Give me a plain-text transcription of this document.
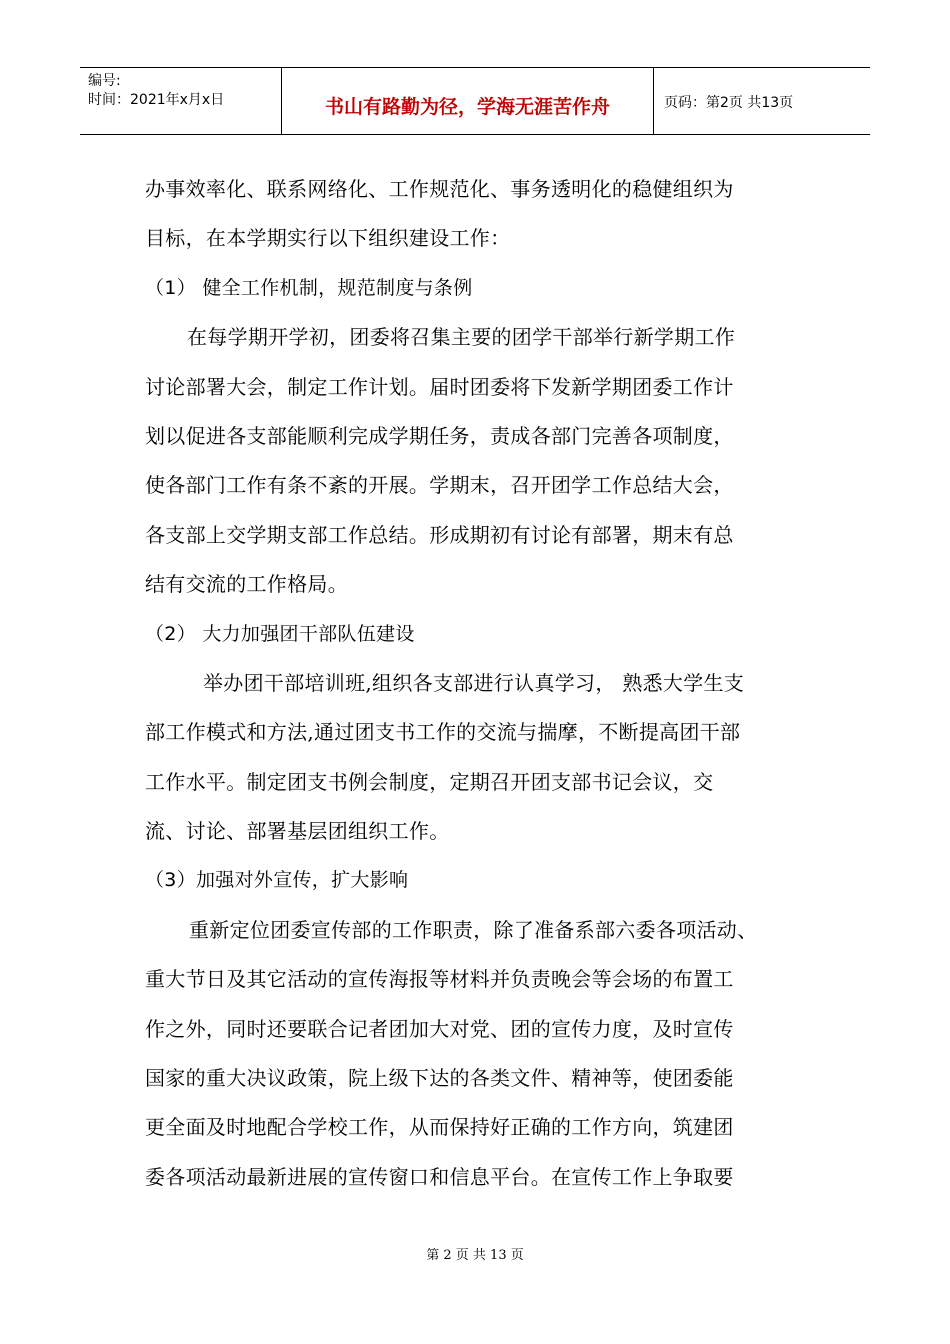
编号:
时间：2021年x月x日	书山有路勤为径，学海无涯苦作舟	页码：第2页 共13页
办事效率化、联系网络化、工作规范化、事务透明化的稳健组织为
目标，在本学期实行以下组织建设工作：
（1） 健全工作机制，规范制度与条例
在每学期开学初，团委将召集主要的团学干部举行新学期工作
讨论部署大会，制定工作计划。届时团委将下发新学期团委工作计
划以促进各支部能顺利完成学期任务，责成各部门完善各项制度，
使各部门工作有条不紊的开展。学期末，召开团学工作总结大会，
各支部上交学期支部工作总结。形成期初有讨论有部署，期末有总
结有交流的工作格局。
（2） 大力加强团干部队伍建设
举办团干部培训班,组织各支部进行认真学习， 熟悉大学生支
部工作模式和方法,通过团支书工作的交流与揣摩，不断提高团干部
工作水平。制定团支书例会制度，定期召开团支部书记会议，交
流、讨论、部署基层团组织工作。
（3）加强对外宣传，扩大影响
重新定位团委宣传部的工作职责，除了准备系部六委各项活动、
重大节日及其它活动的宣传海报等材料并负责晚会等会场的布置工
作之外，同时还要联合记者团加大对党、团的宣传力度，及时宣传
国家的重大决议政策，院上级下达的各类文件、精神等，使团委能
更全面及时地配合学校工作，从而保持好正确的工作方向，筑建团
委各项活动最新进展的宣传窗口和信息平台。在宣传工作上争取要
第 2 页 共 13 页
